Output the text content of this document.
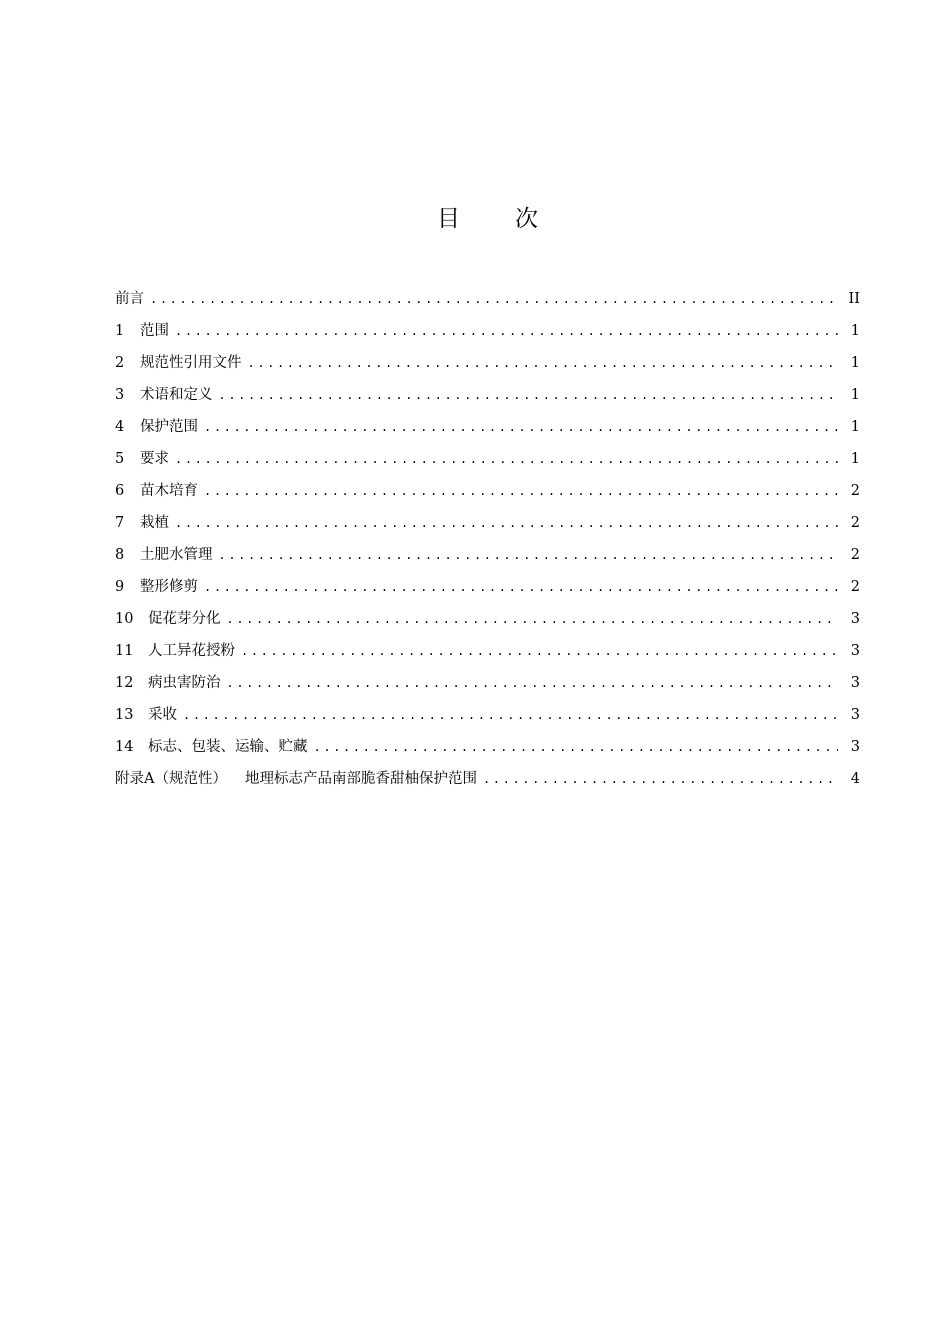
目 次
前言 .....	II
1	范围 .....	1
2	规范性引用文件 .....	1
3	术语和定义 .....	1
4	保护范围 .....	1
5	要求 .....	1
6	苗木培育 .....	2
7	栽植 .....	2
8	土肥水管理 .....	2
9	整形修剪 .....	2
10	促花芽分化 .....	3
11	人工异花授粉 .....	3
12	病虫害防治 .....	3
13	采收 .....	3
14	标志、包装、运输、贮藏 .....	3
附录A（规范性） 地理标志产品南部脆香甜柚保护范围 .....	4
